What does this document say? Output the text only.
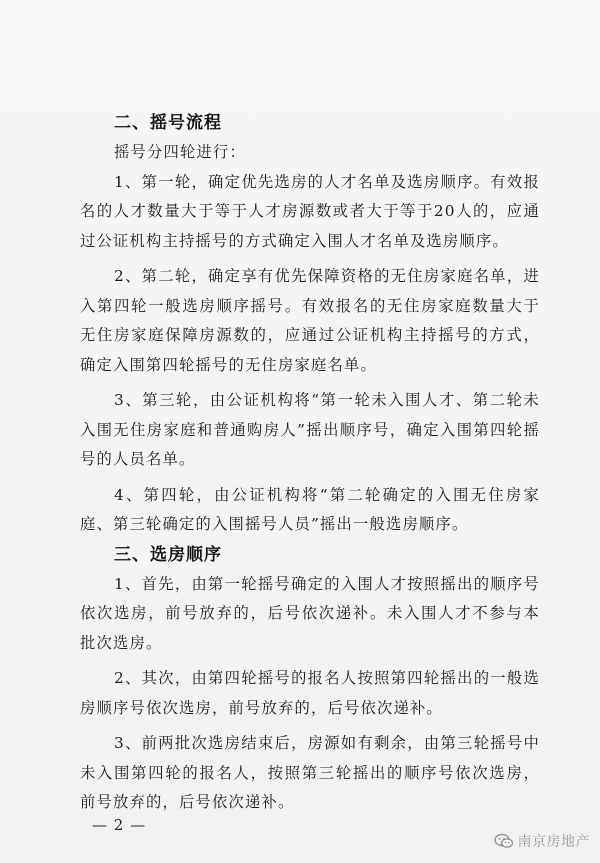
二、摇号流程

摇号分四轮进行：

1、第一轮，确定优先选房的人才名单及选房顺序。有效报名的人才数量大于等于人才房源数或者大于等于20人的，应通过公证机构主持摇号的方式确定入围人才名单及选房顺序。

2、第二轮，确定享有优先保障资格的无住房家庭名单，进入第四轮一般选房顺序摇号。有效报名的无住房家庭数量大于无住房家庭保障房源数的，应通过公证机构主持摇号的方式，确定入围第四轮摇号的无住房家庭名单。

3、第三轮，由公证机构将“第一轮未入围人才、第二轮未入围无住房家庭和普通购房人”摇出顺序号，确定入围第四轮摇号的人员名单。

4、第四轮，由公证机构将“第二轮确定的入围无住房家庭、第三轮确定的入围摇号人员”摇出一般选房顺序。

三、选房顺序

1、首先，由第一轮摇号确定的入围人才按照摇出的顺序号依次选房，前号放弃的，后号依次递补。未入围人才不参与本批次选房。

2、其次，由第四轮摇号的报名人按照第四轮摇出的一般选房顺序号依次选房，前号放弃的，后号依次递补。

3、前两批次选房结束后，房源如有剩余，由第三轮摇号中未入围第四轮的报名人，按照第三轮摇出的顺序号依次选房，前号放弃的，后号依次递补。

— 2 —
南京房地产
